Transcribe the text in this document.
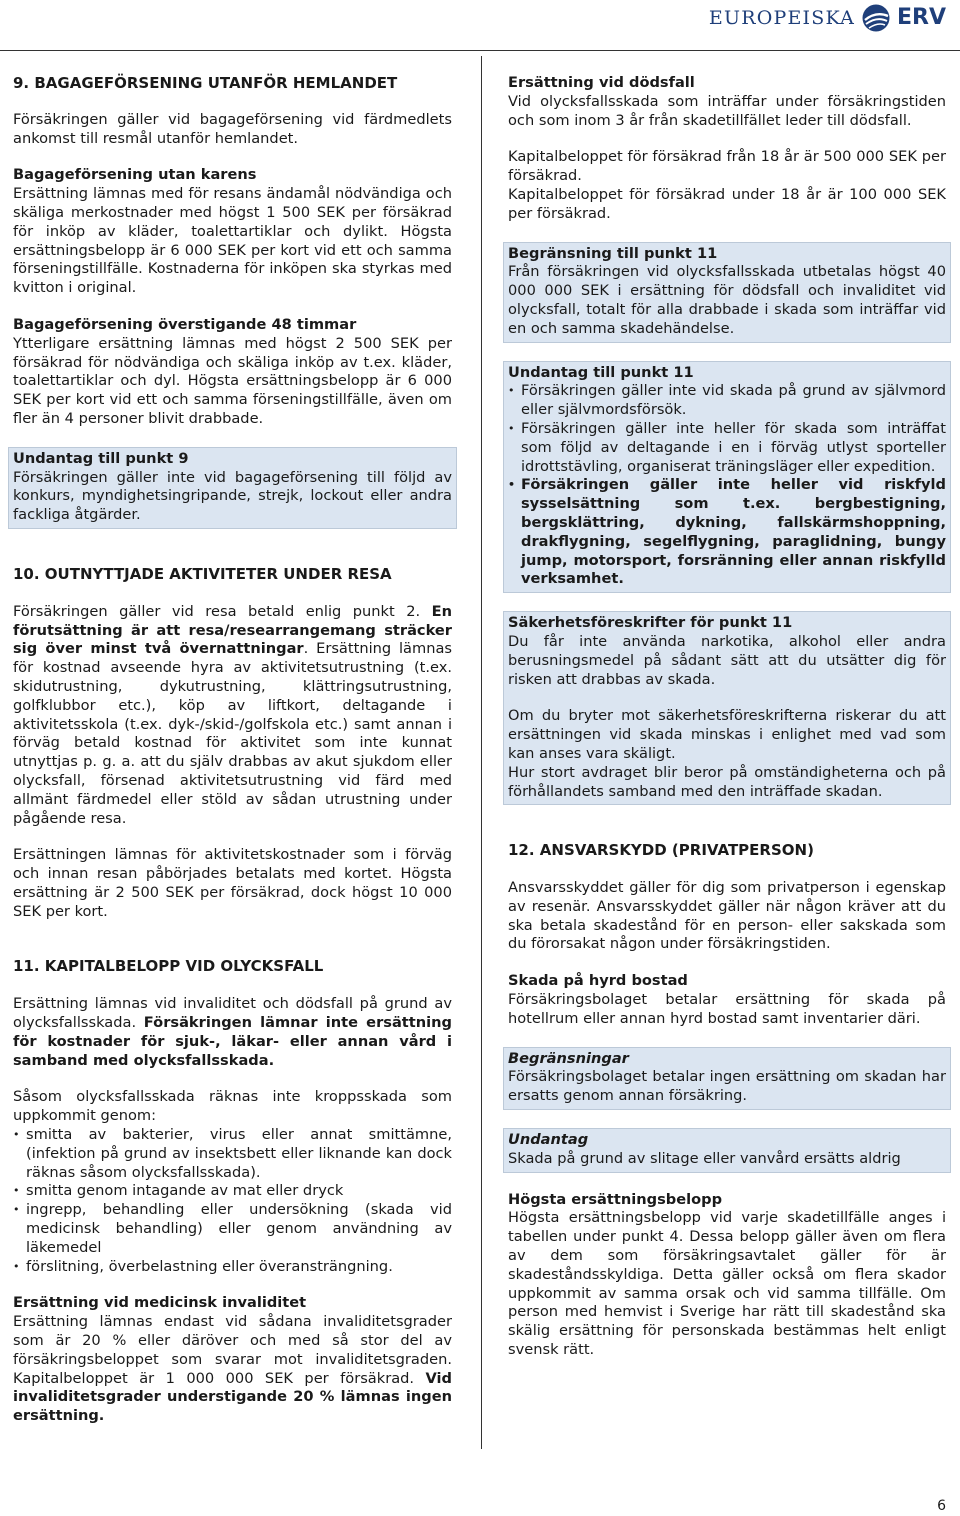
EUROPEISKA ERV

9. BAGAGEFÖRSENING UTANFÖR HEMLANDET

Försäkringen gäller vid bagageförsening vid färdmedlets ankomst till resmål utanför hemlandet.

Bagageförsening utan karens

Ersättning lämnas med för resans ändamål nödvändiga och skäliga merkostnader med högst 1 500 SEK per försäkrad för inköp av kläder, toalettartiklar och dylikt. Högsta ersättningsbelopp är 6 000 SEK per kort vid ett och samma förseningstillfälle. Kostnaderna för inköpen ska styrkas med kvitton i original.

Bagageförsening överstigande 48 timmar

Ytterligare ersättning lämnas med högst 2 500 SEK per försäkrad för nödvändiga och skäliga inköp av t.ex. kläder, toalettartiklar och dyl. Högsta ersättningsbelopp är 6 000 SEK per kort vid ett och samma förseningstillfälle, även om fler än 4 personer blivit drabbade.

Undantag till punkt 9

Försäkringen gäller inte vid bagageförsening till följd av konkurs, myndighetsingripande, strejk, lockout eller andra fackliga åtgärder.

10. OUTNYTTJADE AKTIVITETER UNDER RESA

Försäkringen gäller vid resa betald enlig punkt 2. En förutsättning är att resa/researrangemang sträcker sig över minst två övernattningar. Ersättning lämnas för kostnad avseende hyra av aktivitetsutrustning (t.ex. skidutrustning, dykutrustning, klättringsutrustning, golfklubbor etc.), köp av liftkort, deltagande i aktivitetsskola (t.ex. dyk-/skid-/golfskola etc.) samt annan i förväg betald kostnad för aktivitet som inte kunnat utnyttjas p. g. a. att du själv drabbas av akut sjukdom eller olycksfall, försenad aktivitetsutrustning vid färd med allmänt färdmedel eller stöld av sådan utrustning under pågående resa.

Ersättningen lämnas för aktivitetskostnader som i förväg och innan resan påbörjades betalats med kortet. Högsta ersättning är 2 500 SEK per försäkrad, dock högst 10 000 SEK per kort.

11. KAPITALBELOPP VID OLYCKSFALL

Ersättning lämnas vid invaliditet och dödsfall på grund av olycksfallsskada. Försäkringen lämnar inte ersättning för kostnader för sjuk-, läkar- eller annan vård i samband med olycksfallsskada.

Såsom olycksfallsskada räknas inte kroppsskada som uppkommit genom:

• smitta av bakterier, virus eller annat smittämne, (infektion på grund av insektsbett eller liknande kan dock räknas såsom olycksfallsskada).
• smitta genom intagande av mat eller dryck
• ingrepp, behandling eller undersökning (skada vid medicinsk behandling) eller genom användning av läkemedel
• förslitning, överbelastning eller överansträngning.

Ersättning vid medicinsk invaliditet

Ersättning lämnas endast vid sådana invaliditetsgrader som är 20 % eller däröver och med så stor del av försäkringsbeloppet som svarar mot invaliditetsgraden. Kapitalbeloppet är 1 000 000 SEK per försäkrad. Vid invaliditetsgrader understigande 20 % lämnas ingen ersättning.

Ersättning vid dödsfall

Vid olycksfallsskada som inträffar under försäkringstiden och som inom 3 år från skadetillfället leder till dödsfall.

Kapitalbeloppet för försäkrad från 18 år är 500 000 SEK per försäkrad.

Kapitalbeloppet för försäkrad under 18 år är 100 000 SEK per försäkrad.

Begränsning till punkt 11

Från försäkringen vid olycksfallsskada utbetalas högst 40 000 000 SEK i ersättning för dödsfall och invaliditet vid olycksfall, totalt för alla drabbade i skada som inträffar vid en och samma skadehändelse.

Undantag till punkt 11

• Försäkringen gäller inte vid skada på grund av självmord eller självmordsförsök.
• Försäkringen gäller inte heller för skada som inträffat som följd av deltagande i en i förväg utlyst sporteller idrottstävling, organiserat träningsläger eller expedition.
• Försäkringen gäller inte heller vid riskfyld sysselsättning som t.ex. bergbestigning, bergsklättring, dykning, fallskärmshoppning, drakflygning, segelflygning, paraglidning, bungy jump, motorsport, forsränning eller annan riskfylld verksamhet.

Säkerhetsföreskrifter för punkt 11

Du får inte använda narkotika, alkohol eller andra berusningsmedel på sådant sätt att du utsätter dig för risken att drabbas av skada.

Om du bryter mot säkerhetsföreskrifterna riskerar du att ersättningen vid skada minskas i enlighet med vad som kan anses vara skäligt.

Hur stort avdraget blir beror på omständigheterna och på förhållandets samband med den inträffade skadan.

12. ANSVARSKYDD (PRIVATPERSON)

Ansvarsskyddet gäller för dig som privatperson i egenskap av resenär. Ansvarsskyddet gäller när någon kräver att du ska betala skadestånd för en person- eller sakskada som du förorsakat någon under försäkringstiden.

Skada på hyrd bostad

Försäkringsbolaget betalar ersättning för skada på hotellrum eller annan hyrd bostad samt inventarier däri.

Begränsningar

Försäkringsbolaget betalar ingen ersättning om skadan har ersatts genom annan försäkring.

Undantag

Skada på grund av slitage eller vanvård ersätts aldrig

Högsta ersättningsbelopp

Högsta ersättningsbelopp vid varje skadetillfälle anges i tabellen under punkt 4. Dessa belopp gäller även om flera av dem som försäkringsavtalet gäller för är skadeståndsskyldiga. Detta gäller också om flera skador uppkommit av samma orsak och vid samma tillfälle. Om person med hemvist i Sverige har rätt till skadestånd ska skälig ersättning för personskada bestämmas helt enligt svensk rätt.

6
